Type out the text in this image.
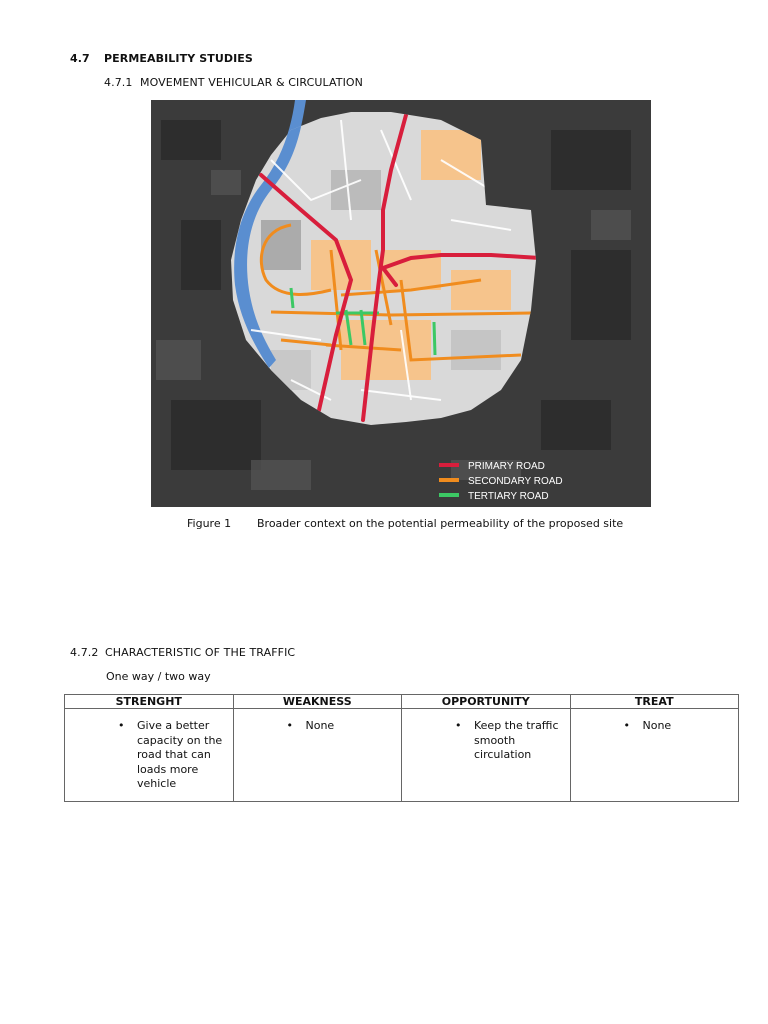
4.7 PERMEABILITY STUDIES
4.7.1 MOVEMENT VEHICULAR & CIRCULATION
PRIMARY ROAD
SECONDARY ROAD
TERTIARY ROAD
Figure 1 Broader context on the potential permeability of the proposed site
4.7.2 CHARACTERISTIC OF THE TRAFFIC
One way / two way
STRENGHT	WEAKNESS	OPPORTUNITY	TREAT

• Give a better capacity on the road that can loads more vehicle	• None	• Keep the traffic smooth circulation	• None
